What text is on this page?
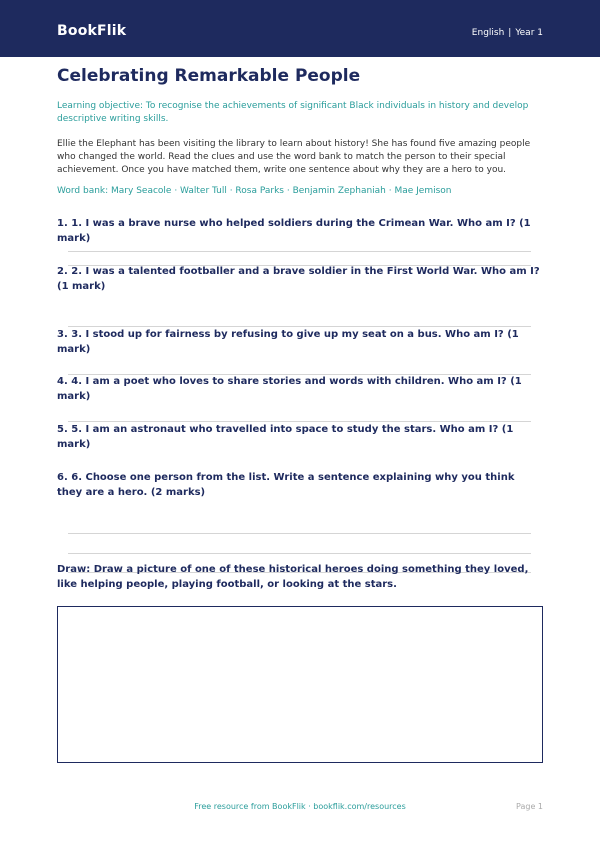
BookFlik	English | Year 1
Celebrating Remarkable People
Learning objective: To recognise the achievements of significant Black individuals in history and develop descriptive writing skills.
Ellie the Elephant has been visiting the library to learn about history! She has found five amazing people who changed the world. Read the clues and use the word bank to match the person to their special achievement. Once you have matched them, write one sentence about why they are a hero to you.
Word bank: Mary Seacole · Walter Tull · Rosa Parks · Benjamin Zephaniah · Mae Jemison
1. 1. I was a brave nurse who helped soldiers during the Crimean War. Who am I? (1 mark)
2. 2. I was a talented footballer and a brave soldier in the First World War. Who am I? (1 mark)
3. 3. I stood up for fairness by refusing to give up my seat on a bus. Who am I? (1 mark)
4. 4. I am a poet who loves to share stories and words with children. Who am I? (1 mark)
5. 5. I am an astronaut who travelled into space to study the stars. Who am I? (1 mark)
6. 6. Choose one person from the list. Write a sentence explaining why you think they are a hero. (2 marks)
Draw: Draw a picture of one of these historical heroes doing something they loved, like helping people, playing football, or looking at the stars.
Free resource from BookFlik · bookflik.com/resources	Page 1
